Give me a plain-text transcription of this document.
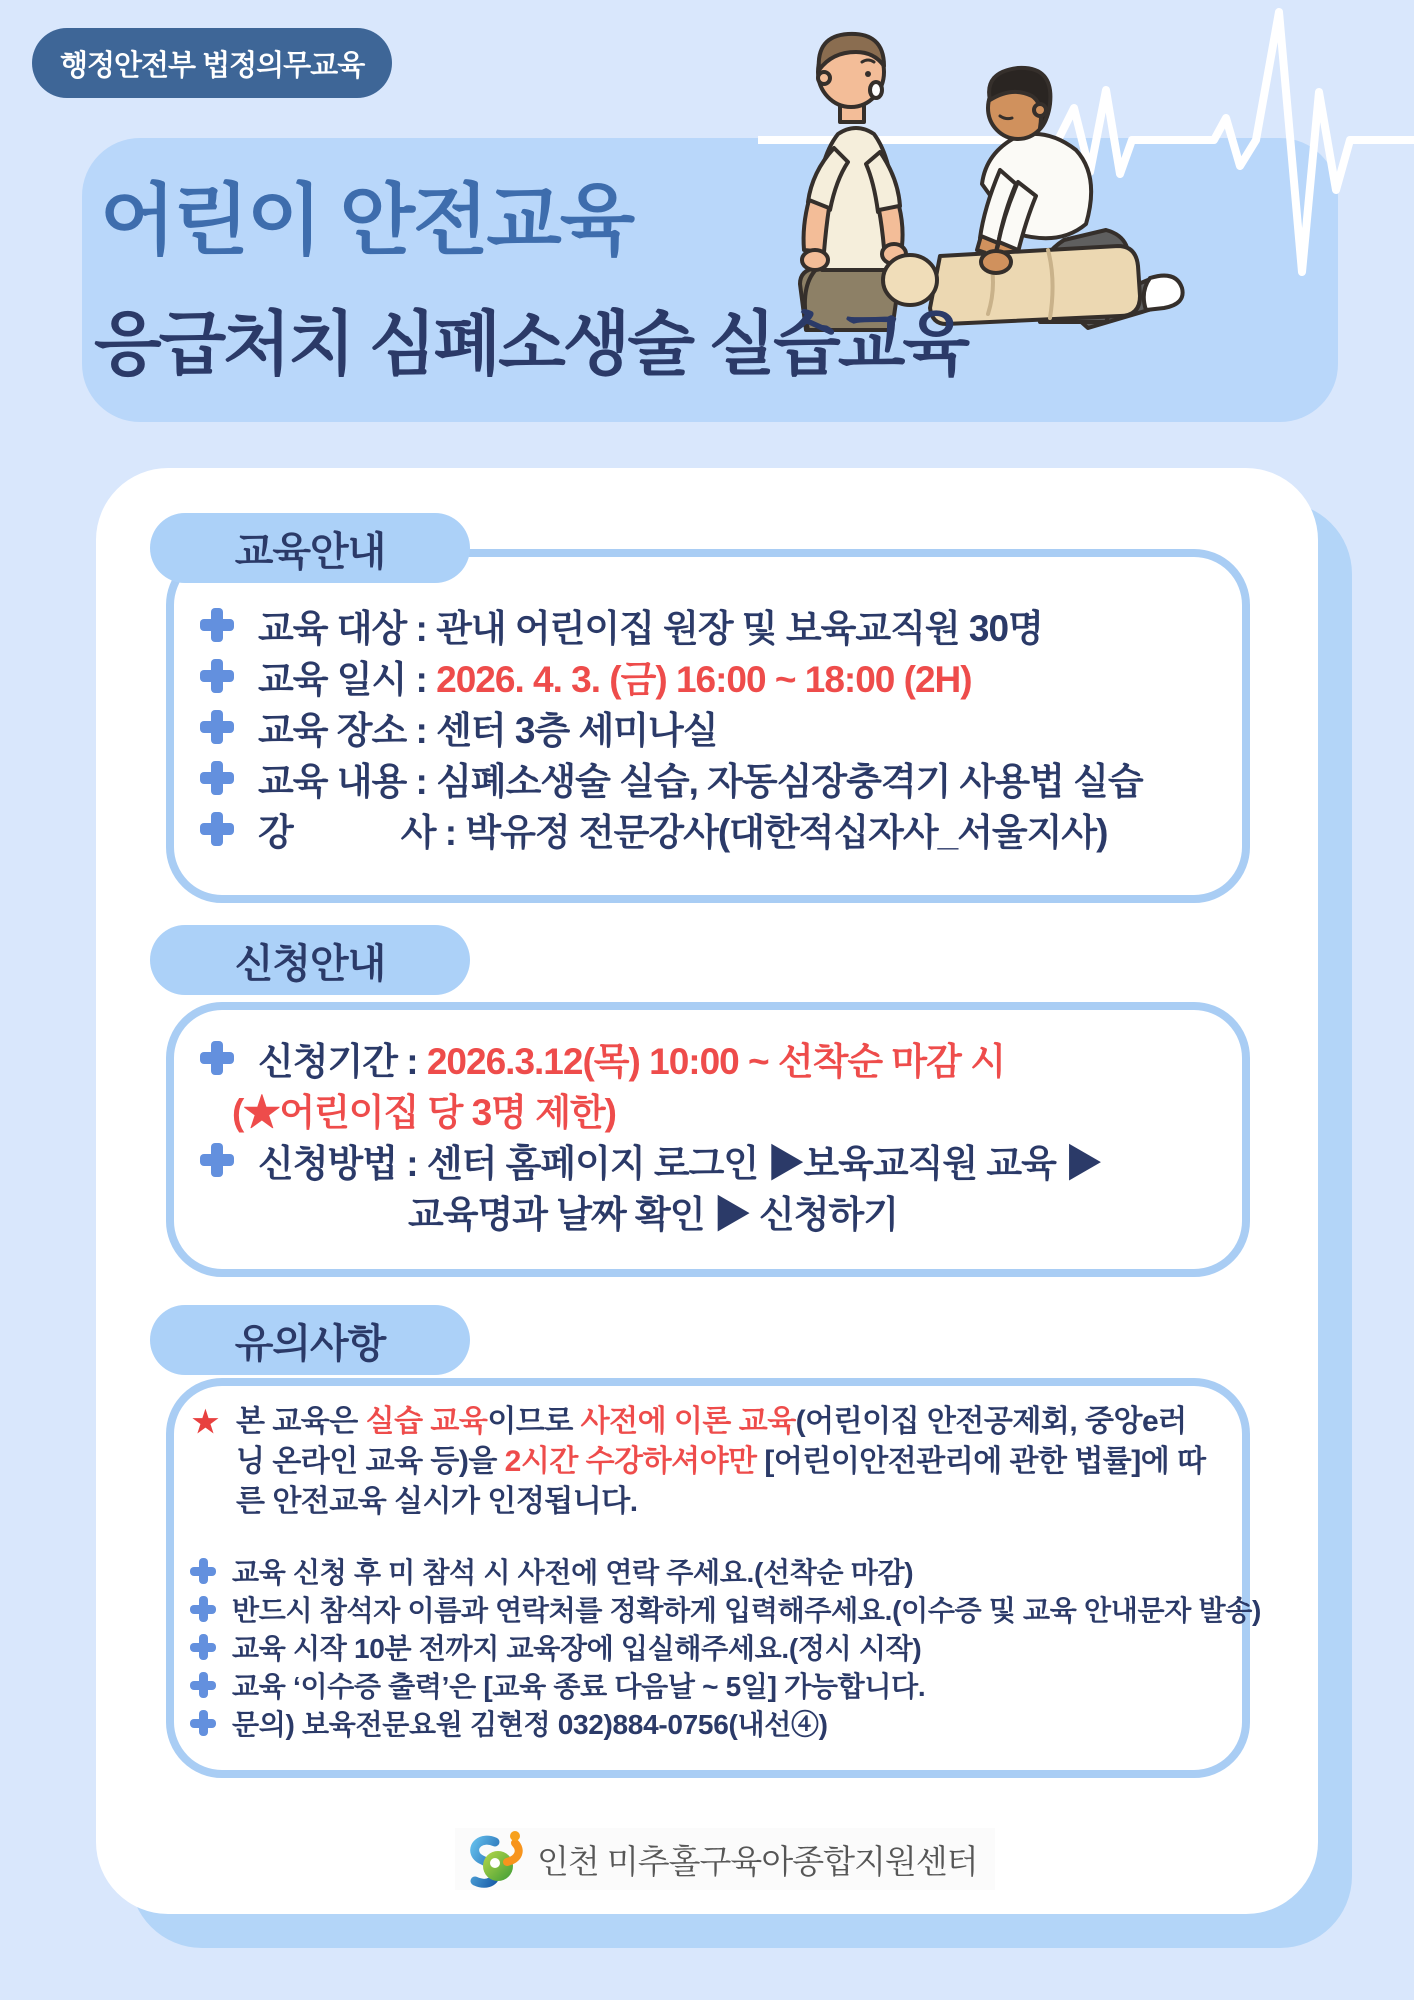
행정안전부 법정의무교육
어린이 안전교육
응급처치 심폐소생술 실습교육
교육안내
교육 대상 : 관내 어린이집 원장 및 보육교직원 30명
교육 일시 : 2026. 4. 3. (금) 16:00 ~ 18:00 (2H)
교육 장소 : 센터 3층 세미나실
교육 내용 : 심폐소생술 실습, 자동심장충격기 사용법 실습
강　　　사 : 박유정 전문강사(대한적십자사_서울지사)
신청안내
신청기간 : 2026.3.12(목) 10:00 ~ 선착순 마감 시
(★어린이집 당 3명 제한)
신청방법 : 센터 홈페이지 로그인 ▶보육교직원 교육 ▶
교육명과 날짜 확인 ▶ 신청하기
유의사항

★ 본 교육은 실습 교육이므로 사전에 이론 교육(어린이집 안전공제회, 중앙e러닝 온라인 교육 등)을 2시간 수강하셔야만 [어린이안전관리에 관한 법률]에 따른 안전교육 실시가 인정됩니다.

교육 신청 후 미 참석 시 사전에 연락 주세요.(선착순 마감)
반드시 참석자 이름과 연락처를 정확하게 입력해주세요.(이수증 및 교육 안내문자 발송)
교육 시작 10분 전까지 교육장에 입실해주세요.(정시 시작)
교육 ‘이수증 출력’은 [교육 종료 다음날 ~ 5일] 가능합니다.
문의) 보육전문요원 김현정 032)884-0756(내선④)
인천 미추홀구육아종합지원센터
